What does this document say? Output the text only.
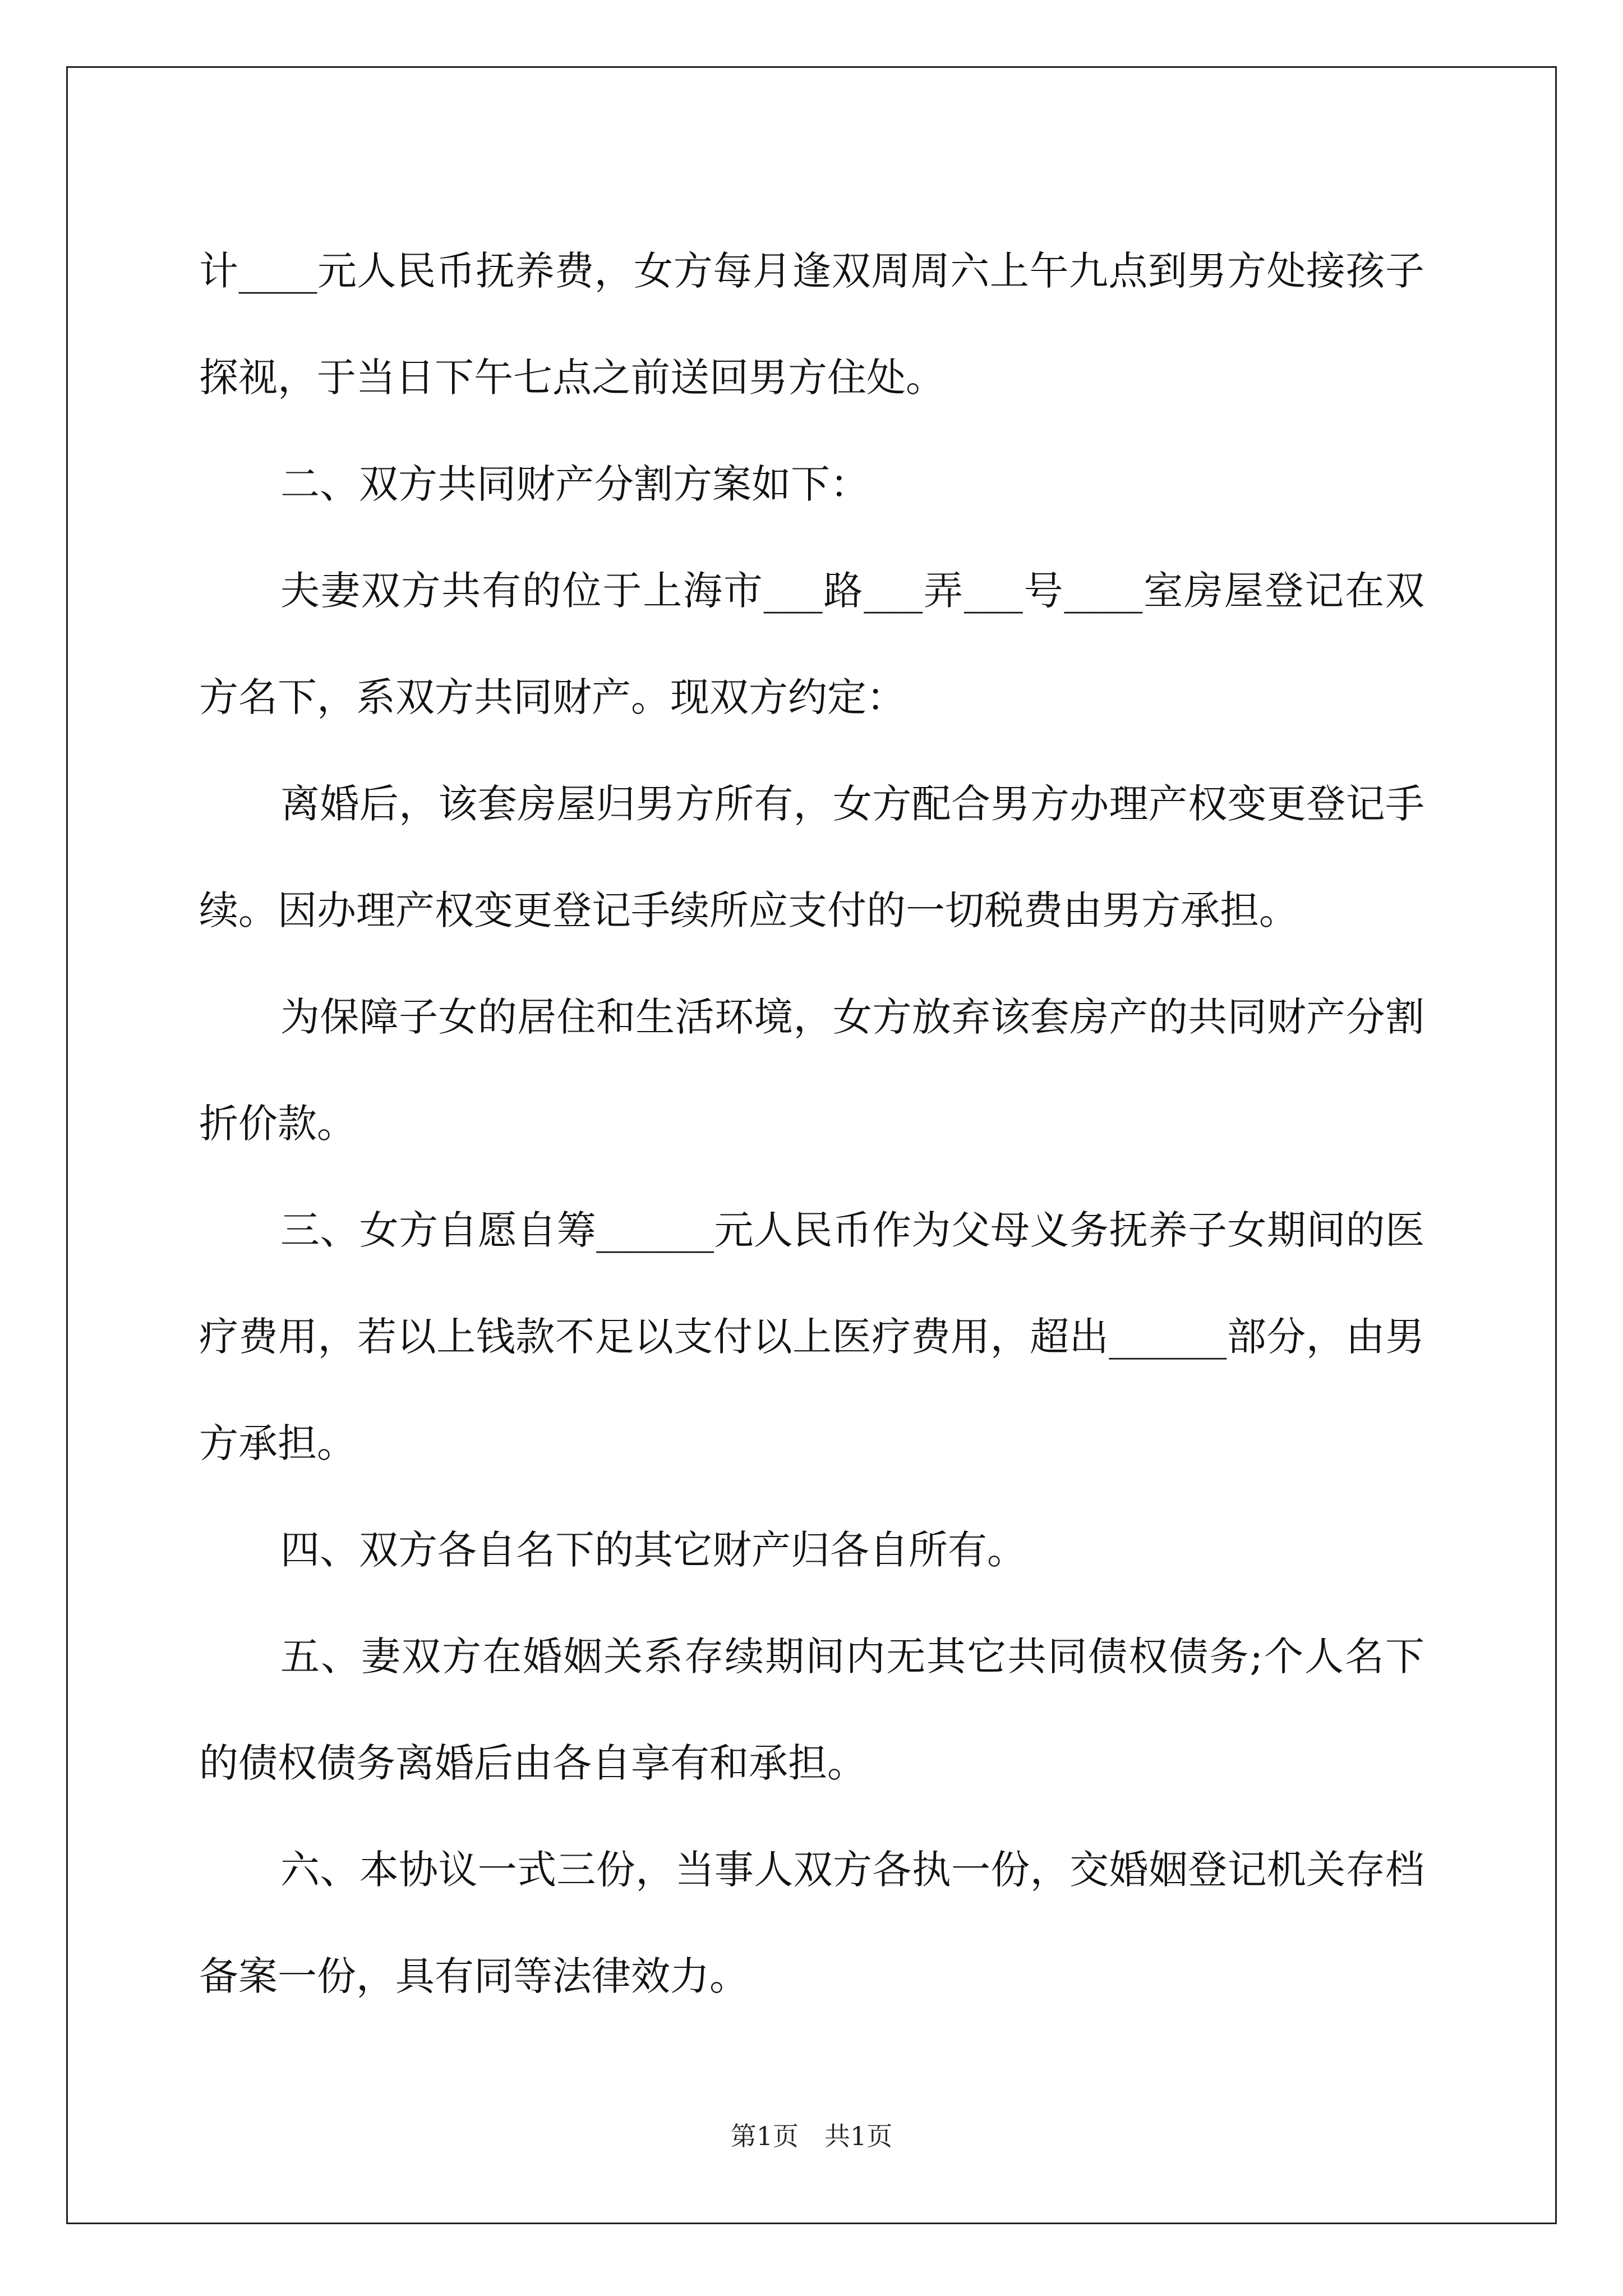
计____元人民币抚养费，女方每月逢双周周六上午九点到男方处接孩子探视，于当日下午七点之前送回男方住处。

二、双方共同财产分割方案如下：

夫妻双方共有的位于上海市___路___弄___号____室房屋登记在双方名下，系双方共同财产。现双方约定：

离婚后，该套房屋归男方所有，女方配合男方办理产权变更登记手续。因办理产权变更登记手续所应支付的一切税费由男方承担。

为保障子女的居住和生活环境，女方放弃该套房产的共同财产分割折价款。

三、女方自愿自筹______元人民币作为父母义务抚养子女期间的医疗费用，若以上钱款不足以支付以上医疗费用，超出______部分，由男方承担。

四、双方各自名下的其它财产归各自所有。

五、妻双方在婚姻关系存续期间内无其它共同债权债务;个人名下的债权债务离婚后由各自享有和承担。

六、本协议一式三份，当事人双方各执一份，交婚姻登记机关存档备案一份，具有同等法律效力。

第1页　共1页
